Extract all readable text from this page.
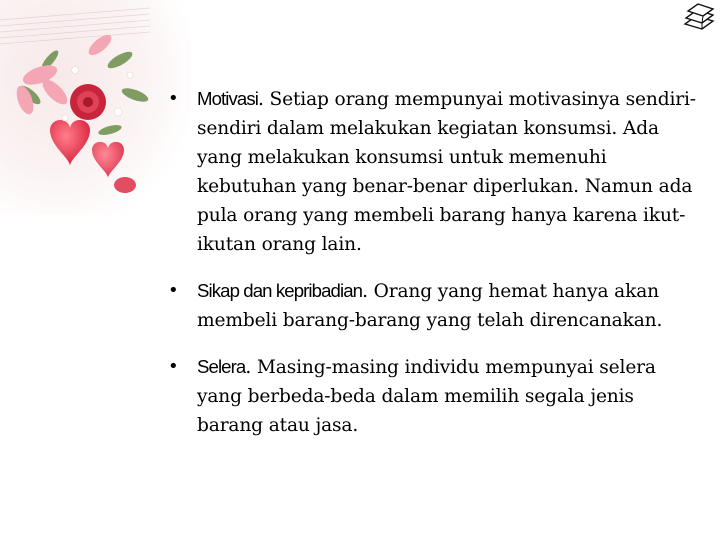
• Motivasi. Setiap orang mempunyai motivasinya sendiri-sendiri dalam melakukan kegiatan konsumsi. Ada yang melakukan konsumsi untuk memenuhi kebutuhan yang benar-benar diperlukan. Namun ada pula orang yang membeli barang hanya karena ikut-ikutan orang lain.
• Sikap dan kepribadian. Orang yang hemat hanya akan membeli barang-barang yang telah direncanakan.
• Selera. Masing-masing individu mempunyai selera yang berbeda-beda dalam memilih segala jenis barang atau jasa.
